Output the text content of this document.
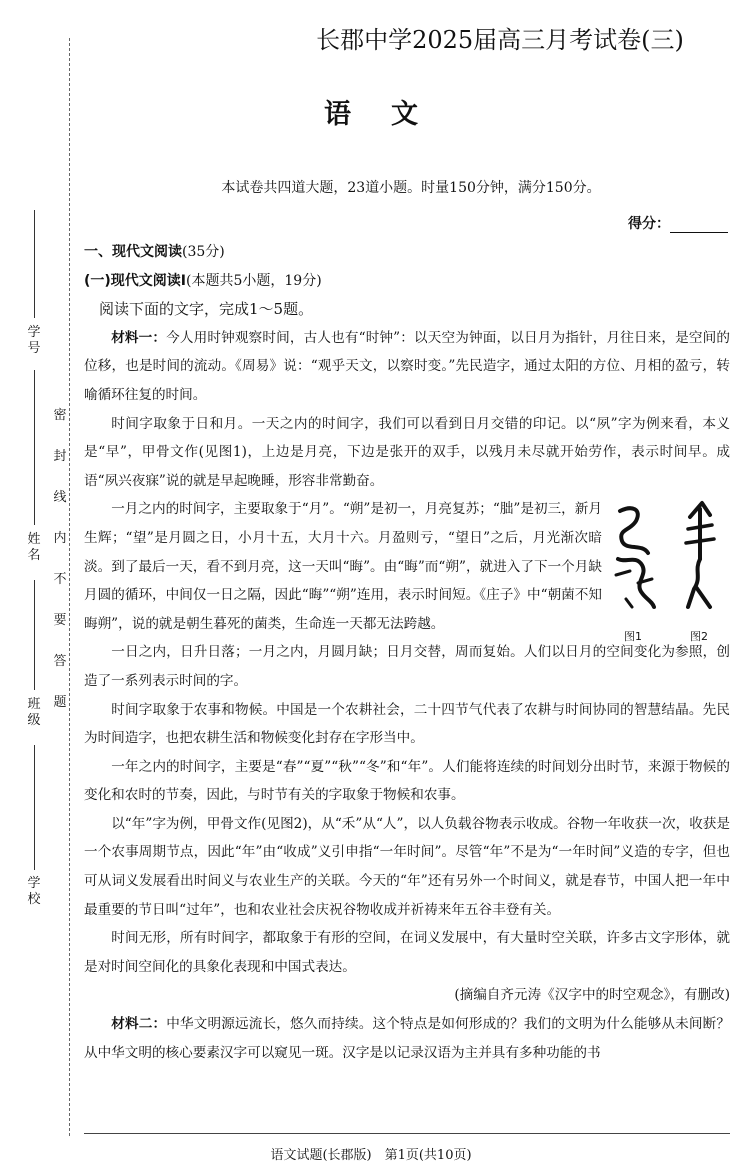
学号
姓名
班级
学校
密封线内不要答题
长郡中学2025届高三月考试卷(三)
语文
本试卷共四道大题，23道小题。时量150分钟，满分150分。
得分：
一、现代文阅读(35分)
(一)现代文阅读Ⅰ(本题共5小题，19分)

阅读下面的文字，完成1～5题。

材料一：今人用时钟观察时间，古人也有“时钟”：以天空为钟面，以日月为指针，月往日来，是空间的位移，也是时间的流动。《周易》说：“观乎天文，以察时变。”先民造字，通过太阳的方位、月相的盈亏，转喻循环往复的时间。

时间字取象于日和月。一天之内的时间字，我们可以看到日月交错的印记。以“夙”字为例来看，本义是“早”，甲骨文作(见图1)，上边是月亮，下边是张开的双手，以残月未尽就开始劳作，表示时间早。成语“夙兴夜寐”说的就是早起晚睡，形容非常勤奋。

一月之内的时间字，主要取象于“月”。“朔”是初一，月亮复苏；“朏”是初三，新月生辉；“望”是月圆之日，小月十五，大月十六。月盈则亏，“望日”之后，月光渐次暗淡。到了最后一天，看不到月亮，这一天叫“晦”。由“晦”而“朔”，就进入了下一个月缺月圆的循环，中间仅一日之隔，因此“晦”“朔”连用，表示时间短。《庄子》中“朝菌不知晦朔”，说的就是朝生暮死的菌类，生命连一天都无法跨越。

图1	图2

一日之内，日升日落；一月之内，月圆月缺；日月交替，周而复始。人们以日月的空间变化为参照，创造了一系列表示时间的字。

时间字取象于农事和物候。中国是一个农耕社会，二十四节气代表了农耕与时间协同的智慧结晶。先民为时间造字，也把农耕生活和物候变化封存在字形当中。

一年之内的时间字，主要是“春”“夏”“秋”“冬”和“年”。人们能将连续的时间划分出时节，来源于物候的变化和农时的节奏，因此，与时节有关的字取象于物候和农事。

以“年”字为例，甲骨文作(见图2)，从“禾”从“人”，以人负载谷物表示收成。谷物一年收获一次，收获是一个农事周期节点，因此“年”由“收成”义引申指“一年时间”。尽管“年”不是为“一年时间”义造的专字，但也可从词义发展看出时间义与农业生产的关联。今天的“年”还有另外一个时间义，就是春节，中国人把一年中最重要的节日叫“过年”，也和农业社会庆祝谷物收成并祈祷来年五谷丰登有关。

时间无形，所有时间字，都取象于有形的空间，在词义发展中，有大量时空关联，许多古文字形体，就是对时间空间化的具象化表现和中国式表达。

(摘编自齐元涛《汉字中的时空观念》，有删改)

材料二：中华文明源远流长，悠久而持续。这个特点是如何形成的？我们的文明为什么能够从未间断？从中华文明的核心要素汉字可以窥见一斑。汉字是以记录汉语为主并具有多种功能的书

语文试题(长郡版)　第1页(共10页)
